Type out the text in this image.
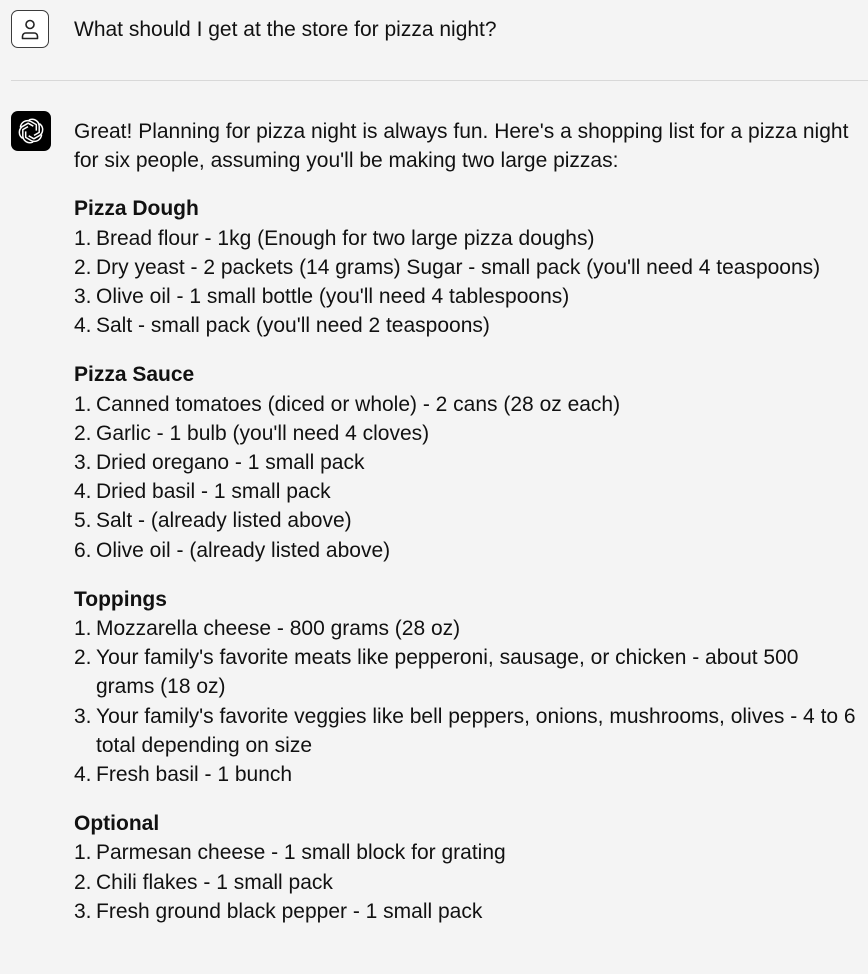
What should I get at the store for pizza night?

Great! Planning for pizza night is always fun. Here's a shopping list for a pizza night for six people, assuming you'll be making two large pizzas:

Pizza Dough
1. Bread flour - 1kg (Enough for two large pizza doughs)
2. Dry yeast - 2 packets (14 grams) Sugar - small pack (you'll need 4 teaspoons)
3. Olive oil - 1 small bottle (you'll need 4 tablespoons)
4. Salt - small pack (you'll need 2 teaspoons)
Pizza Sauce
1. Canned tomatoes (diced or whole) - 2 cans (28 oz each)
2. Garlic - 1 bulb (you'll need 4 cloves)
3. Dried oregano - 1 small pack
4. Dried basil - 1 small pack
5. Salt - (already listed above)
6. Olive oil - (already listed above)
Toppings
1. Mozzarella cheese - 800 grams (28 oz)
2. Your family's favorite meats like pepperoni, sausage, or chicken - about 500 grams (18 oz)
3. Your family's favorite veggies like bell peppers, onions, mushrooms, olives - 4 to 6 total depending on size
4. Fresh basil - 1 bunch
Optional
1. Parmesan cheese - 1 small block for grating
2. Chili flakes - 1 small pack
3. Fresh ground black pepper - 1 small pack
